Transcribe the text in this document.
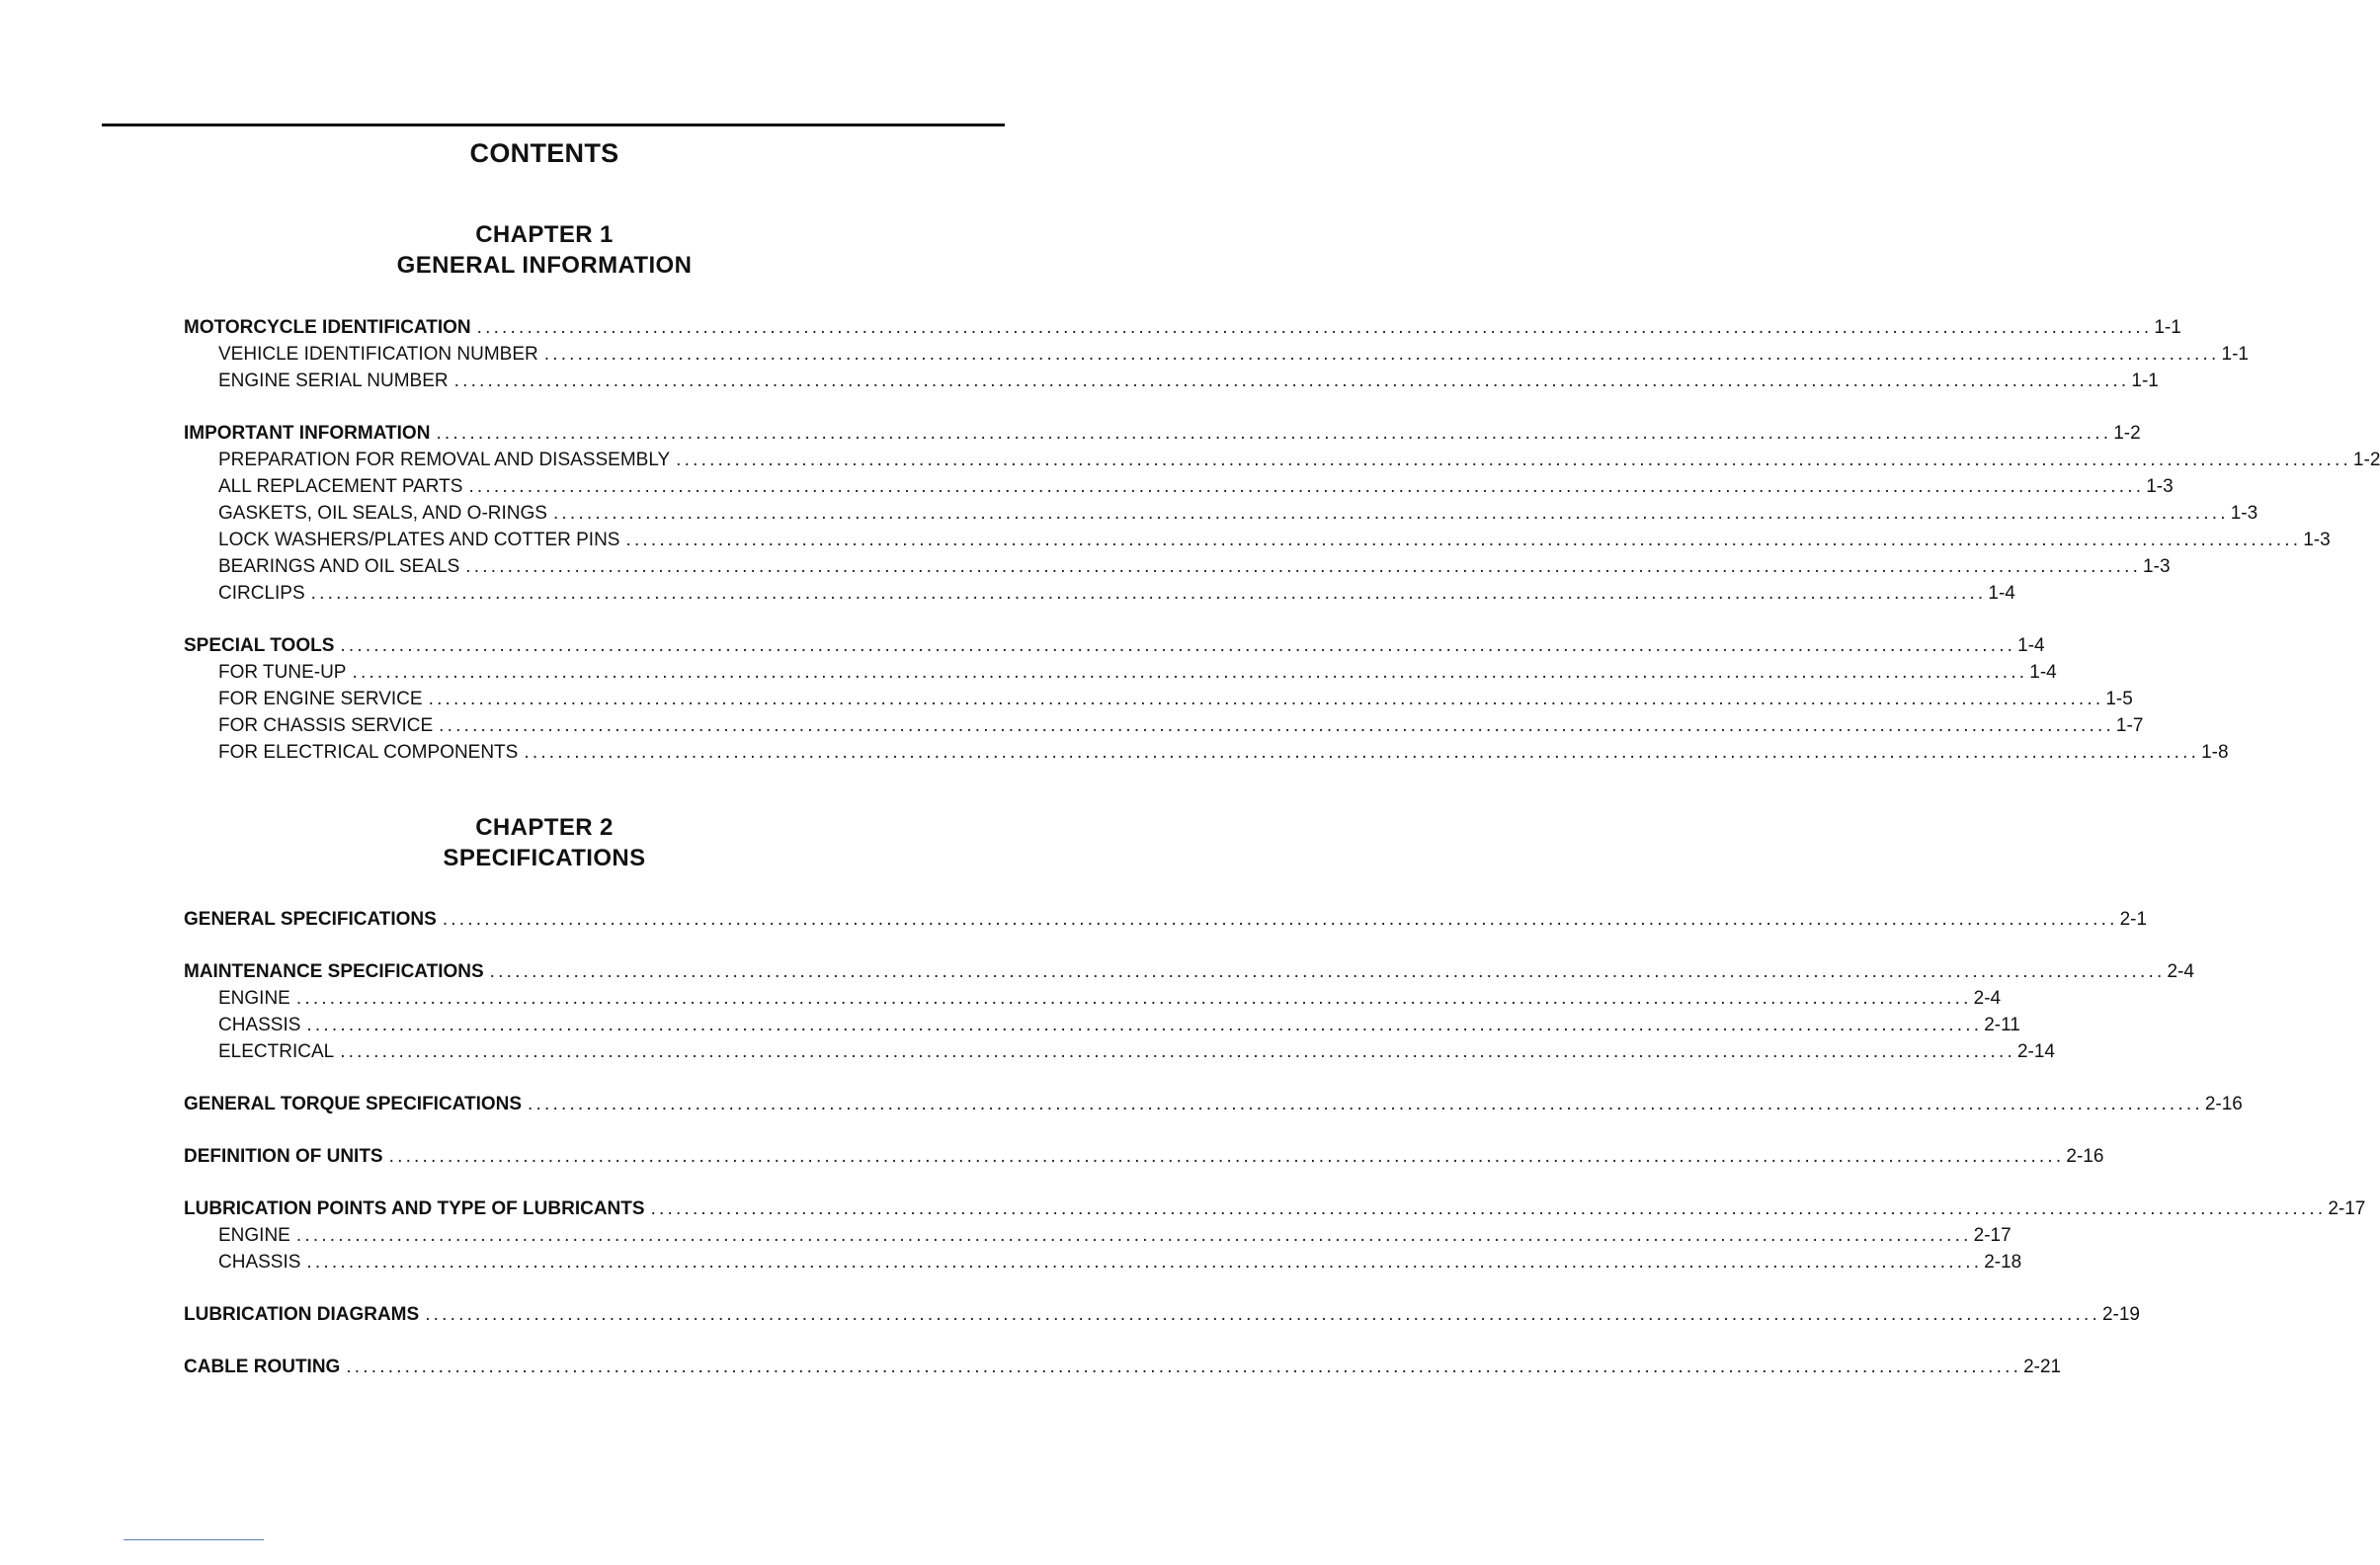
CONTENTS
CHAPTER 1
GENERAL INFORMATION
MOTORCYCLE IDENTIFICATION ........................................................................................................................................................................................................ 1-1
VEHICLE IDENTIFICATION NUMBER ........................................................................................................................................................................................................ 1-1
ENGINE SERIAL NUMBER ........................................................................................................................................................................................................ 1-1
IMPORTANT INFORMATION ........................................................................................................................................................................................................ 1-2
PREPARATION FOR REMOVAL AND DISASSEMBLY ........................................................................................................................................................................................................ 1-2
ALL REPLACEMENT PARTS ........................................................................................................................................................................................................ 1-3
GASKETS, OIL SEALS, AND O-RINGS ........................................................................................................................................................................................................ 1-3
LOCK WASHERS/PLATES AND COTTER PINS ........................................................................................................................................................................................................ 1-3
BEARINGS AND OIL SEALS ........................................................................................................................................................................................................ 1-3
CIRCLIPS ........................................................................................................................................................................................................ 1-4
SPECIAL TOOLS ........................................................................................................................................................................................................ 1-4
FOR TUNE-UP ........................................................................................................................................................................................................ 1-4
FOR ENGINE SERVICE ........................................................................................................................................................................................................ 1-5
FOR CHASSIS SERVICE ........................................................................................................................................................................................................ 1-7
FOR ELECTRICAL COMPONENTS ........................................................................................................................................................................................................ 1-8
CHAPTER 2
SPECIFICATIONS
GENERAL SPECIFICATIONS ........................................................................................................................................................................................................ 2-1
MAINTENANCE SPECIFICATIONS ........................................................................................................................................................................................................ 2-4
ENGINE ........................................................................................................................................................................................................ 2-4
CHASSIS ........................................................................................................................................................................................................ 2-11
ELECTRICAL ........................................................................................................................................................................................................ 2-14
GENERAL TORQUE SPECIFICATIONS ........................................................................................................................................................................................................ 2-16
DEFINITION OF UNITS ........................................................................................................................................................................................................ 2-16
LUBRICATION POINTS AND TYPE OF LUBRICANTS ........................................................................................................................................................................................................ 2-17
ENGINE ........................................................................................................................................................................................................ 2-17
CHASSIS ........................................................................................................................................................................................................ 2-18
LUBRICATION DIAGRAMS ........................................................................................................................................................................................................ 2-19
CABLE ROUTING ........................................................................................................................................................................................................ 2-21
